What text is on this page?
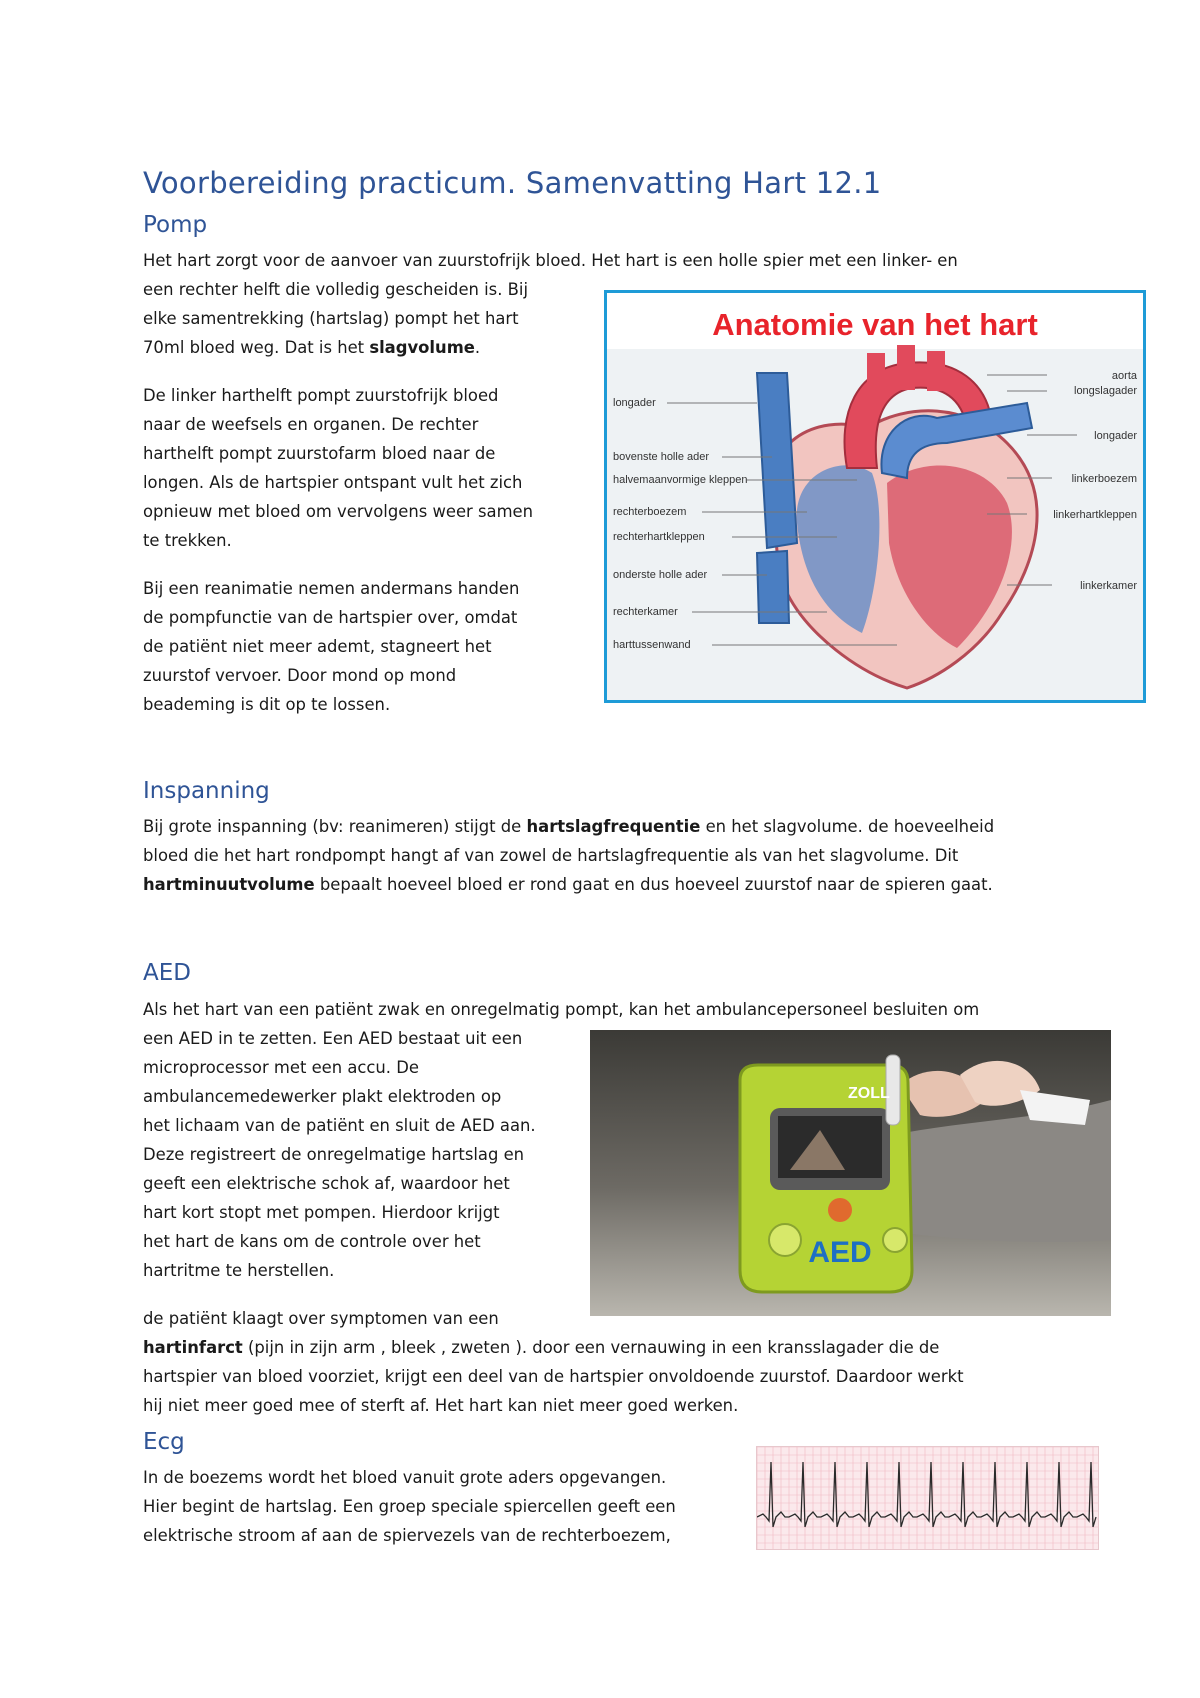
Voorbereiding practicum. Samenvatting Hart 12.1
Pomp

Het hart zorgt voor de aanvoer van zuurstofrijk bloed. Het hart is een holle spier met een linker- en

een rechter helft die volledig gescheiden is. Bij

elke samentrekking (hartslag) pompt het hart

70ml bloed weg. Dat is het slagvolume.

De linker harthelft pompt zuurstofrijk bloed

naar de weefsels en organen. De rechter

harthelft pompt zuurstofarm bloed naar de

longen. Als de hartspier ontspant vult het zich

opnieuw met bloed om vervolgens weer samen

te trekken.

Bij een reanimatie nemen andermans handen

de pompfunctie van de hartspier over, omdat

de patiënt niet meer ademt, stagneert het

zuurstof vervoer. Door mond op mond

beademing is dit op te lossen.

Anatomie van het hart
longader
bovenste holle ader
halvemaanvormige kleppen
rechterboezem
rechterhartkleppen
onderste holle ader
rechterkamer
harttussenwand
aorta
longslagader
longader
linkerboezem
linkerhartkleppen
linkerkamer
Inspanning

Bij grote inspanning (bv: reanimeren) stijgt de hartslagfrequentie en het slagvolume. de hoeveelheid

bloed die het hart rondpompt hangt af van zowel de hartslagfrequentie als van het slagvolume. Dit

hartminuutvolume bepaalt hoeveel bloed er rond gaat en dus hoeveel zuurstof naar de spieren gaat.

AED

Als het hart van een patiënt zwak en onregelmatig pompt, kan het ambulancepersoneel besluiten om

een AED in te zetten. Een AED bestaat uit een

microprocessor met een accu. De

ambulancemedewerker plakt elektroden op

het lichaam van de patiënt en sluit de AED aan.

Deze registreert de onregelmatige hartslag en

geeft een elektrische schok af, waardoor het

hart kort stopt met pompen. Hierdoor krijgt

het hart de kans om de controle over het

hartritme te herstellen.

de patiënt klaagt over symptomen van een

hartinfarct (pijn in zijn arm , bleek , zweten ). door een vernauwing in een kransslagader die de

hartspier van bloed voorziet, krijgt een deel van de hartspier onvoldoende zuurstof. Daardoor werkt

hij niet meer goed mee of sterft af. Het hart kan niet meer goed werken.

ZOLL
AED
Ecg

In de boezems wordt het bloed vanuit grote aders opgevangen.

Hier begint de hartslag. Een groep speciale spiercellen geeft een

elektrische stroom af aan de spiervezels van de rechterboezem,
